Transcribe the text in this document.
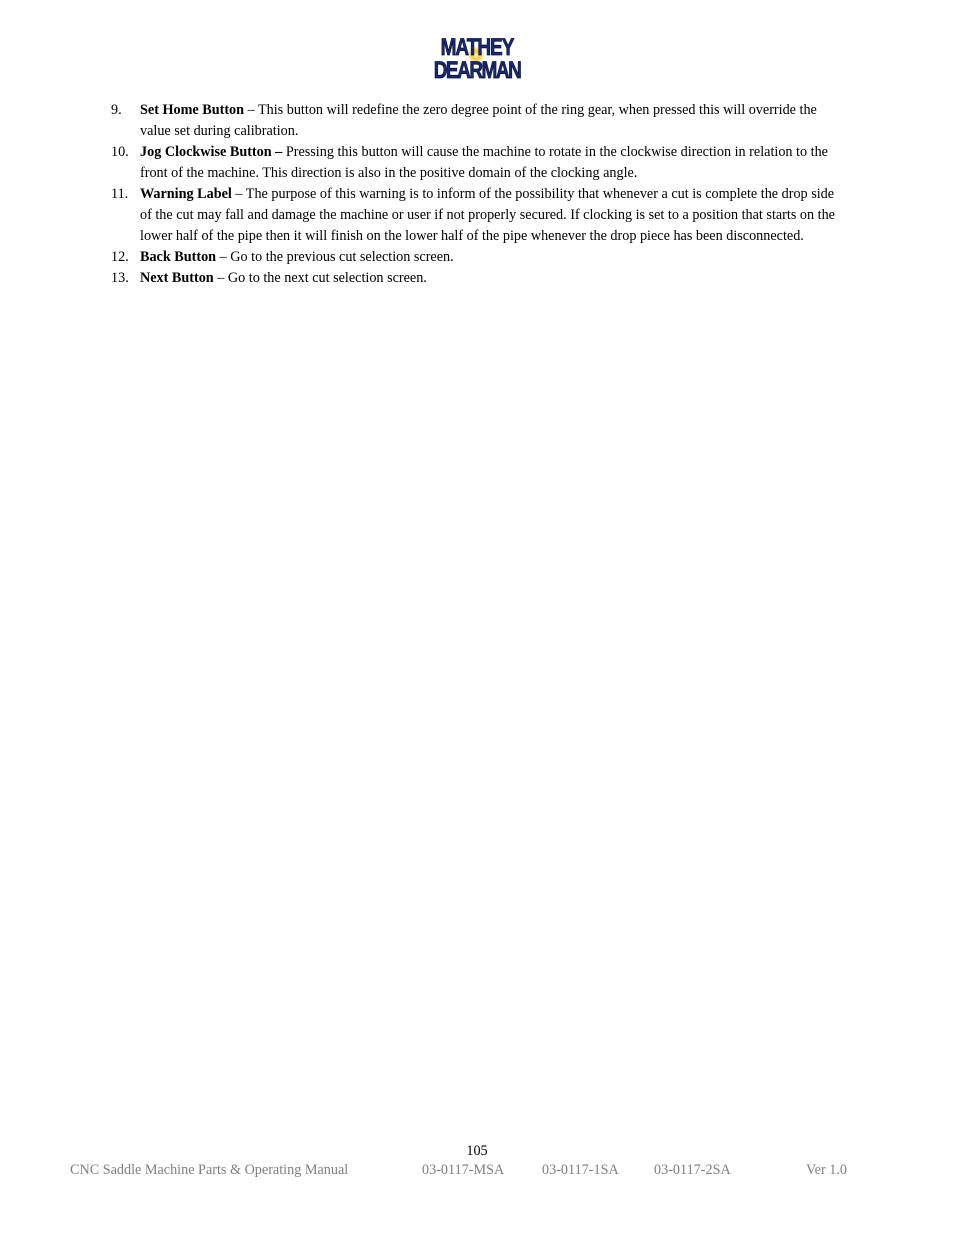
MATHEY
DEARMAN
9. Set Home Button – This button will redefine the zero degree point of the ring gear, when pressed this will override the value set during calibration.
10. Jog Clockwise Button – Pressing this button will cause the machine to rotate in the clockwise direction in relation to the front of the machine. This direction is also in the positive domain of the clocking angle.
11. Warning Label – The purpose of this warning is to inform of the possibility that whenever a cut is complete the drop side of the cut may fall and damage the machine or user if not properly secured. If clocking is set to a position that starts on the lower half of the pipe then it will finish on the lower half of the pipe whenever the drop piece has been disconnected.
12. Back Button – Go to the previous cut selection screen.
13. Next Button – Go to the next cut selection screen.
105
CNC Saddle Machine Parts & Operating Manual	03-0117-MSA	03-0117-1SA 03-0117-2SA	Ver 1.0
